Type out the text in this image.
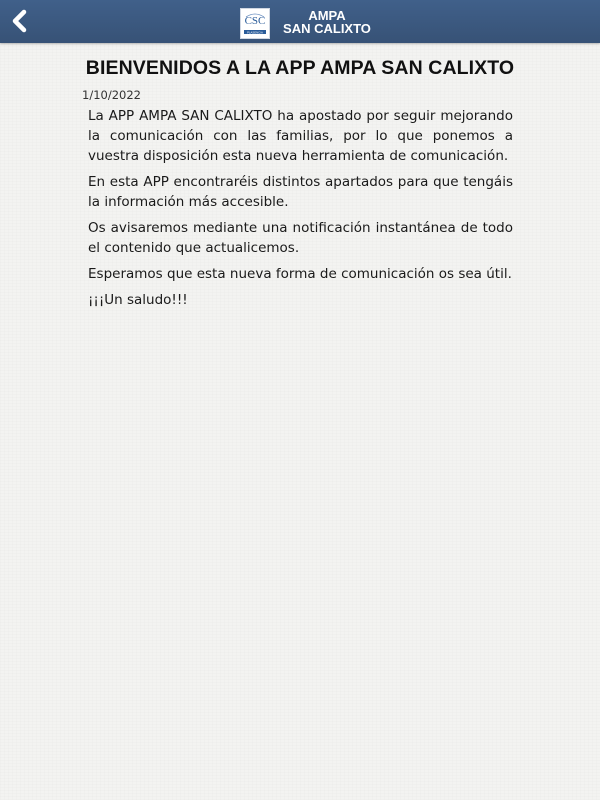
CSC
PLASENCIA
AMPA
SAN CALIXTO
BIENVENIDOS A LA APP AMPA SAN CALIXTO
1/10/2022

La APP AMPA SAN CALIXTO ha apostado por seguir mejorando la comunicación con las familias, por lo que ponemos a vuestra disposición esta nueva herramienta de comunicación.

En esta APP encontraréis distintos apartados para que tengáis la información más accesible.

Os avisaremos mediante una notificación instantánea de todo el contenido que actualicemos.

Esperamos que esta nueva forma de comunicación os sea útil.

¡¡¡Un saludo!!!
